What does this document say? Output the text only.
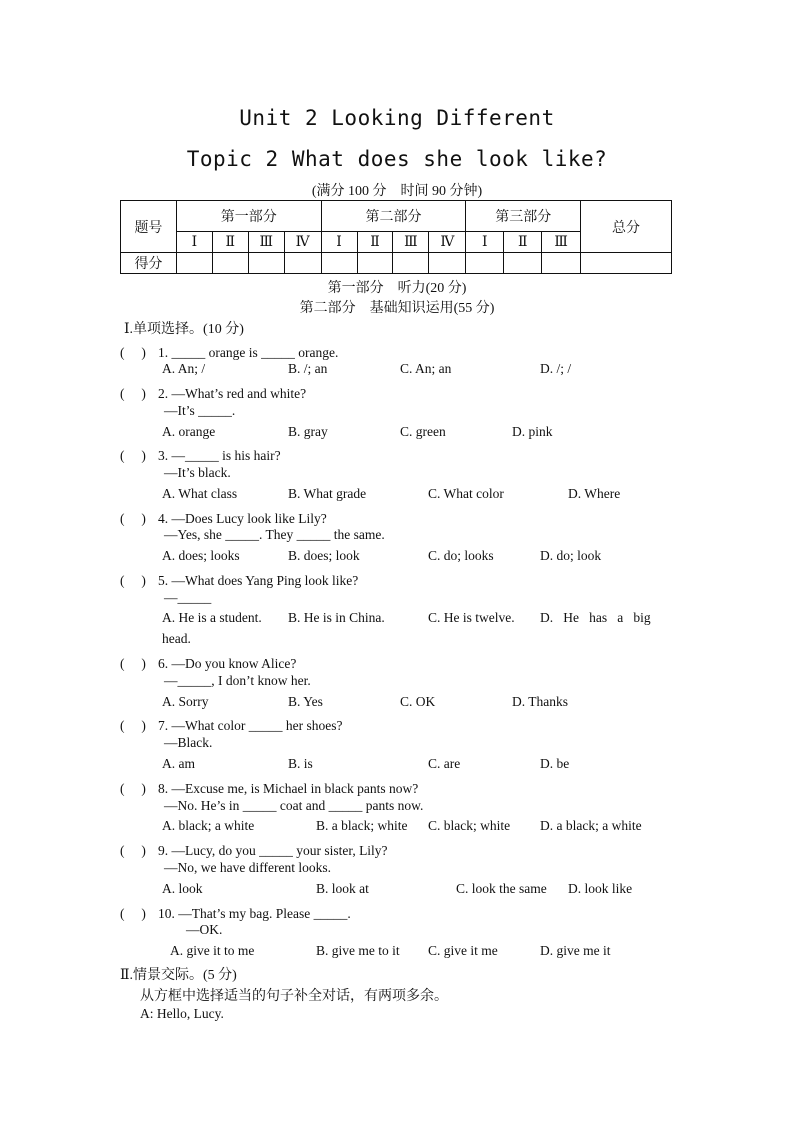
Unit 2 Looking Different
Topic 2 What does she look like?
(满分 100 分　时间 90 分钟)
题号	第一部分				第二部分				第三部分			总分
	Ⅰ	Ⅱ	Ⅲ	Ⅳ	Ⅰ	Ⅱ	Ⅲ	Ⅳ	Ⅰ	Ⅱ	Ⅲ	
得分												
第一部分　听力(20 分)
第二部分　基础知识运用(55 分)
Ⅰ.单项选择。(10 分)
(　 ) 1. _____ orange is _____ orange.
A. An; /	B. /; an	C. An; an	D. /; /
(　 ) 2. —What’s red and white?
—It’s _____.
A. orange	B. gray	C. green	D. pink
(　 ) 3. —_____ is his hair?
—It’s black.
A. What class	B. What grade	C. What color	D. Where
(　 ) 4. —Does Lucy look like Lily?
—Yes, she _____. They _____ the same.
A. does; looks	B. does; look	C. do; looks	D. do; look
(　 ) 5. —What does Yang Ping look like?
—_____
A. He is a student. B. He is in China.	C. He is twelve. D.   He   has   a   big
head.
(　 ) 6. —Do you know Alice?
—_____, I don’t know her.
A. Sorry	B. Yes	C. OK	D. Thanks
(　 ) 7. —What color _____ her shoes?
—Black.
A. am	B. is	C. are	D. be
(　 ) 8. —Excuse me, is Michael in black pants now?
—No. He’s in _____ coat and _____ pants now.
A. black; a white	B. a black; white C. black; white D. a black; a white
(　 ) 9. —Lucy, do you _____ your sister, Lily?
—No, we have different looks.
A. look	B. look at	C. look the same D. look like
(　 ) 10. —That’s my bag. Please _____.
—OK.
A. give it to me	B. give me to it C. give it me	D. give me it
Ⅱ.情景交际。(5 分)
从方框中选择适当的句子补全对话，有两项多余。
A: Hello, Lucy.
